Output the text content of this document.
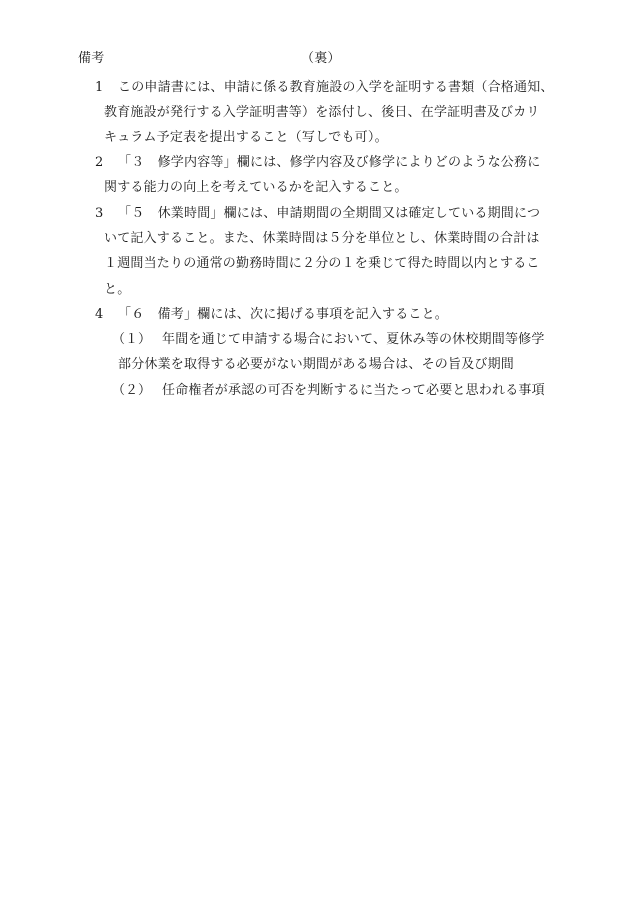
備考	（裏）
1 この申請書には、申請に係る教育施設の入学を証明する書類（合格通知、
教育施設が発行する入学証明書等）を添付し、後日、在学証明書及びカリ
キュラム予定表を提出すること（写しでも可）。
2 「３　修学内容等」欄には、修学内容及び修学によりどのような公務に
関する能力の向上を考えているかを記入すること。
3 「５　休業時間」欄には、申請期間の全期間又は確定している期間につ
いて記入すること。また、休業時間は５分を単位とし、休業時間の合計は
１週間当たりの通常の勤務時間に２分の１を乗じて得た時間以内とするこ
と。
4 「６　備考」欄には、次に掲げる事項を記入すること。
（１） 年間を通じて申請する場合において、夏休み等の休校期間等修学
部分休業を取得する必要がない期間がある場合は、その旨及び期間
（２） 任命権者が承認の可否を判断するに当たって必要と思われる事項
